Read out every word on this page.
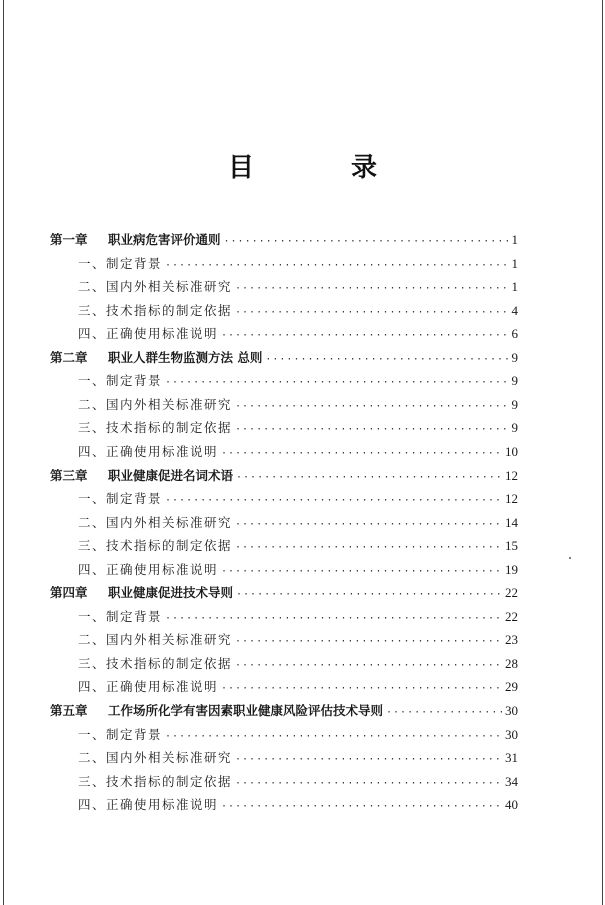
目 录
第一章	职业病危害评价通则 ·····	1
一、制定背景 ·····	1
二、国内外相关标准研究 ·····	1
三、技术指标的制定依据 ·····	4
四、正确使用标准说明 ·····	6
第二章	职业人群生物监测方法 总则 ·····	9
一、制定背景 ·····	9
二、国内外相关标准研究 ·····	9
三、技术指标的制定依据 ·····	9
四、正确使用标准说明 ·····	10
第三章	职业健康促进名词术语 ·····	12
一、制定背景 ·····	12
二、国内外相关标准研究 ·····	14
三、技术指标的制定依据 ·····	15
四、正确使用标准说明 ·····	19
第四章	职业健康促进技术导则 ·····	22
一、制定背景 ·····	22
二、国内外相关标准研究 ·····	23
三、技术指标的制定依据 ·····	28
四、正确使用标准说明 ·····	29
第五章	工作场所化学有害因素职业健康风险评估技术导则 ·····	30
一、制定背景 ·····	30
二、国内外相关标准研究 ·····	31
三、技术指标的制定依据 ·····	34
四、正确使用标准说明 ·····	40
